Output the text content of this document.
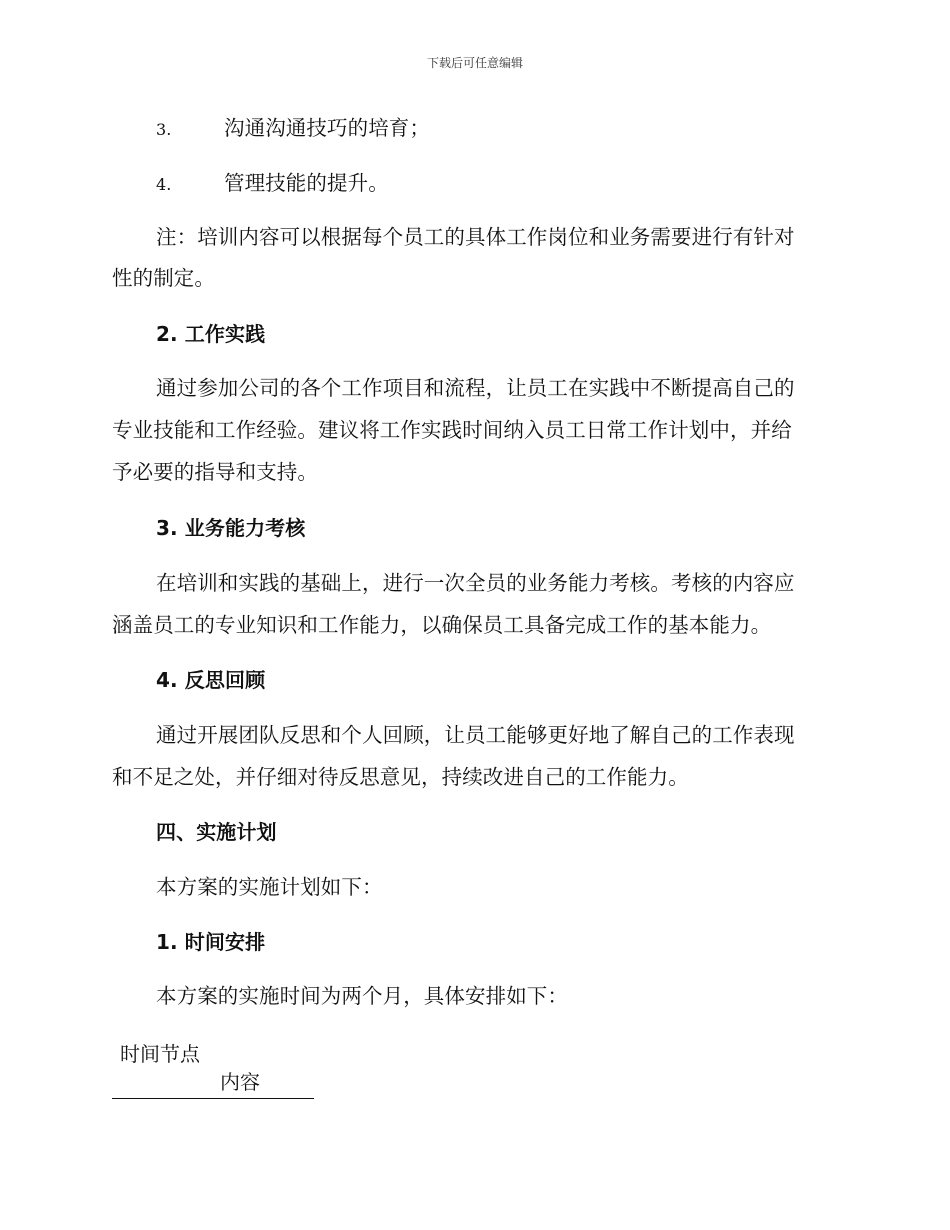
下载后可任意编辑
3.	沟通沟通技巧的培育；
4.	管理技能的提升。
注：培训内容可以根据每个员工的具体工作岗位和业务需要进行有针对
性的制定。
2. 工作实践
通过参加公司的各个工作项目和流程，让员工在实践中不断提高自己的
专业技能和工作经验。建议将工作实践时间纳入员工日常工作计划中，并给
予必要的指导和支持。
3. 业务能力考核
在培训和实践的基础上，进行一次全员的业务能力考核。考核的内容应
涵盖员工的专业知识和工作能力，以确保员工具备完成工作的基本能力。
4. 反思回顾
通过开展团队反思和个人回顾，让员工能够更好地了解自己的工作表现
和不足之处，并仔细对待反思意见，持续改进自己的工作能力。
四、实施计划
本方案的实施计划如下：
1. 时间安排
本方案的实施时间为两个月，具体安排如下：
时间节点
内容
